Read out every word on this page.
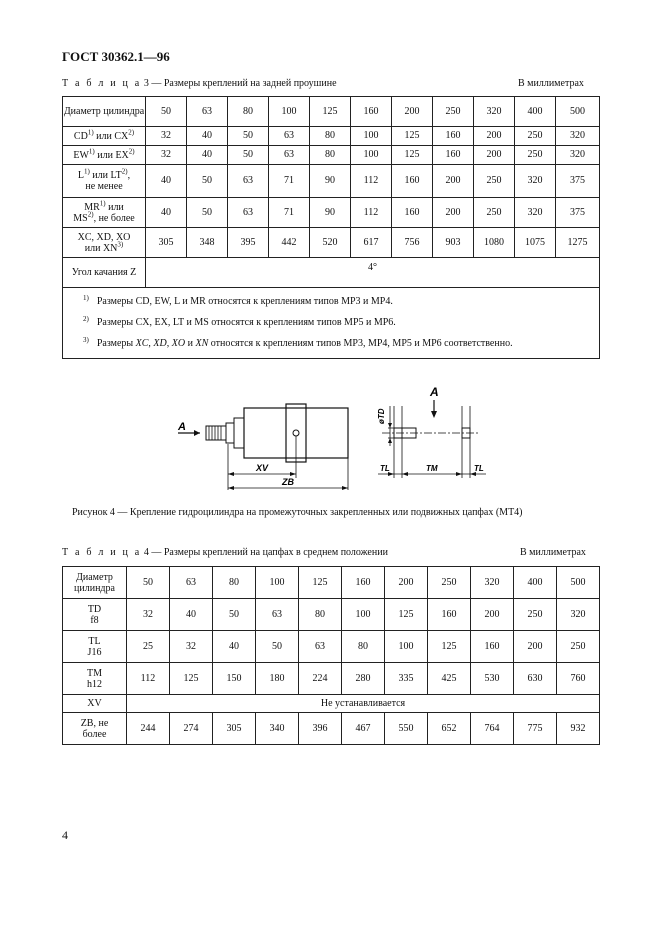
ГОСТ 30362.1—96
Т а б л и ц а 3 — Размеры креплений на задней проушине	В миллиметрах
Диаметр цилиндра	50	63	80	100	125	160	200	250	320	400	500
CD$^{1)}$ или CX$^{2)}$	32	40	50	63	80	100	125	160	200	250	320
EW$^{1)}$ или EX$^{2)}$	32	40	50	63	80	100	125	160	200	250	320
$L^{1)}$ или LT$^{2)}$,
не менее	40	50	63	71	90	112	160	200	250	320	375
MR$^{1)}$ или
MS$^{2)}$, не более	40	50	63	71	90	112	160	200	250	320	375
XC, XD, XO
или XN$^{3)}$	305	348	395	442	520	617	756	903	1080	1075	1275
Угол качания Z	4°										

$^{1)}$ Размеры CD, EW, L и MR относятся к креплениям типов МР3 и МР4.
$^{2)}$ Размеры CX, EX, LT и MS относятся к креплениям типов МР5 и МР6.
$^{3)}$ Размеры XC, XD, XO и XN относятся к креплениям типов МР3, МР4, МР5 и МР6 соответственно.											
A
XV
ZB
A
øTD
TL	TM	TL
Рисунок 4 — Крепление гидроцилиндра на промежуточных закрепленных или подвижных цапфах (МТ4)
Т а б л и ц а 4 — Размеры креплений на цапфах в среднем положении	В миллиметрах
Диаметр цилиндра	50	63	80	100	125	160	200	250	320	400	500
TD
f8	32	40	50	63	80	100	125	160	200	250	320
TL
J16	25	32	40	50	63	80	100	125	160	200	250
TM
h12	112	125	150	180	224	280	335	425	530	630	760
XV	Не устанавливается										
ZB, не
более	244	274	305	340	396	467	550	652	764	775	932
4
